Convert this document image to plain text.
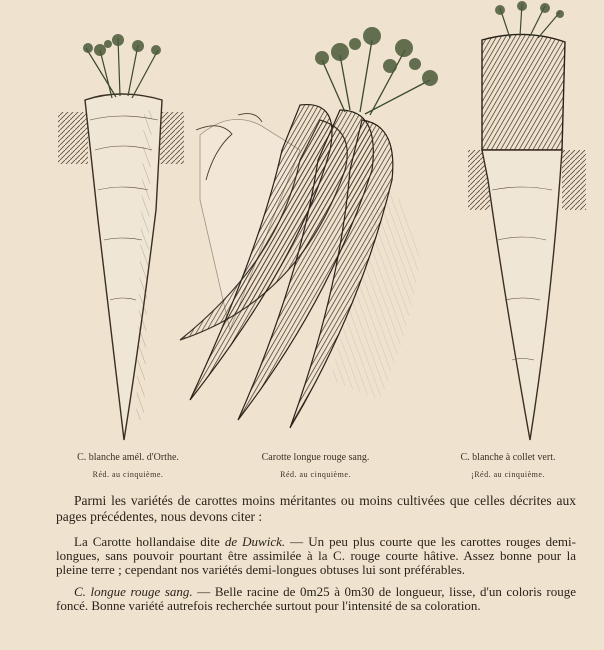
C. blanche amél. d'Orthe.
Réd. au cinquième.
Carotte longue rouge sang.
Réd. au cinquième.
C. blanche à collet vert.
¡Réd. au cinquième.

Parmi les variétés de carottes moins méritantes ou moins cultivées que celles décrites aux pages précédentes, nous devons citer :

La Carotte hollandaise dite de Duwick. — Un peu plus courte que les carottes rouges demi-longues, sans pouvoir pourtant être assimilée à la C. rouge courte hâtive. Assez bonne pour la pleine terre ; cependant nos variétés demi-longues obtuses lui sont préférables.

C. longue rouge sang. — Belle racine de 0m25 à 0m30 de longueur, lisse, d'un coloris rouge foncé. Bonne variété autrefois recherchée surtout pour l'intensité de sa coloration.
